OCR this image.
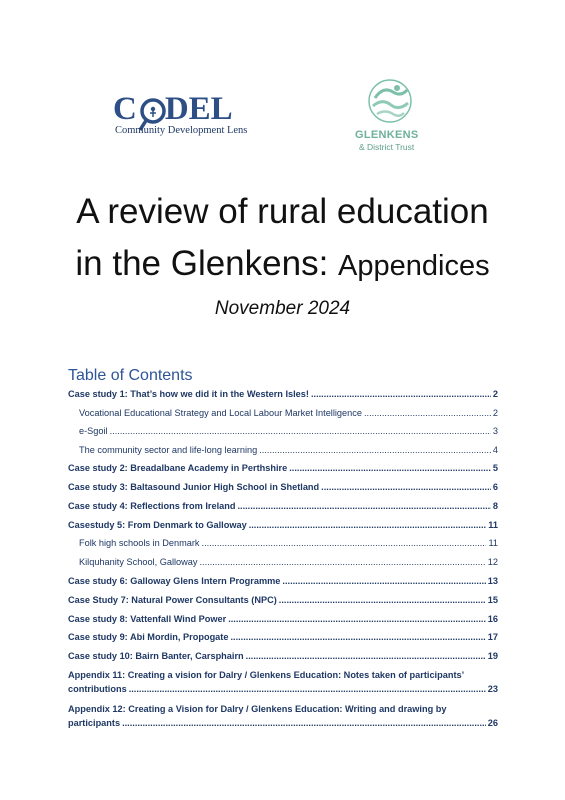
C DEL
Community Development Lens	GLENKENS
& District Trust
A review of rural education
in the Glenkens: Appendices
November 2024
Table of Contents
Case study 1: That’s how we did it in the Western Isles! .....	2
Vocational Educational Strategy and Local Labour Market Intelligence .....	2
e-Sgoil .....	3
The community sector and life-long learning .....	4
Case study 2: Breadalbane Academy in Perthshire .....	5
Case study 3: Baltasound Junior High School in Shetland .....	6
Case study 4: Reflections from Ireland .....	8
Casestudy 5: From Denmark to Galloway .....	11
Folk high schools in Denmark .....	11
Kilquhanity School, Galloway .....	12
Case study 6: Galloway Glens Intern Programme .....	13
Case Study 7: Natural Power Consultants (NPC) .....	15
Case study 8: Vattenfall Wind Power .....	16
Case study 9: Abi Mordin, Propogate .....	17
Case study 10: Bairn Banter, Carsphairn .....	19
Appendix 11: Creating a vision for Dalry / Glenkens Education: Notes taken of participants’
contributions .....	23
Appendix 12: Creating a Vision for Dalry / Glenkens Education: Writing and drawing by
participants .....	26
